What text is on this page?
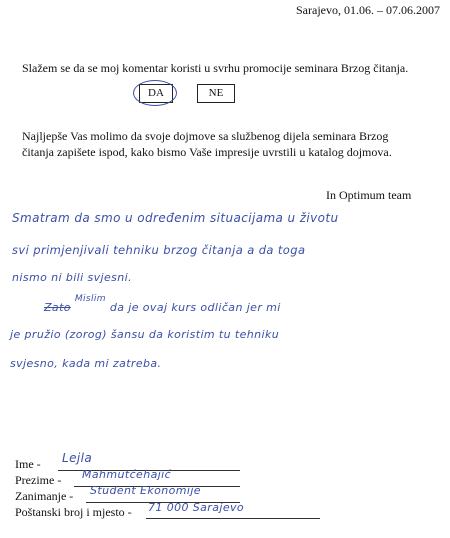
Sarajevo, 01.06. – 07.06.2007
Slažem se da se moj komentar koristi u svrhu promocije seminara Brzog čitanja.
DA	NE
Najljepše Vas molimo da svoje dojmove sa službenog dijela seminara Brzog
čitanja zapišete ispod, kako bismo Vaše impresije uvrstili u katalog dojmova.
In Optimum team
Smatram da smo u određenim situacijama u životu
svi primjenjivali tehniku brzog čitanja a da toga
nismo ni bili svjesni.
Zato $^{Mislim}$ da je ovaj kurs odličan jer mi
je pružio (zorog) šansu da koristim tu tehniku
svjesno, kada mi zatreba.
Ime - Lejla
Prezime - Mahmutćehajić
Zanimanje - Student Ekonomije
Poštanski broj i mjesto - 71 000 Sarajevo
